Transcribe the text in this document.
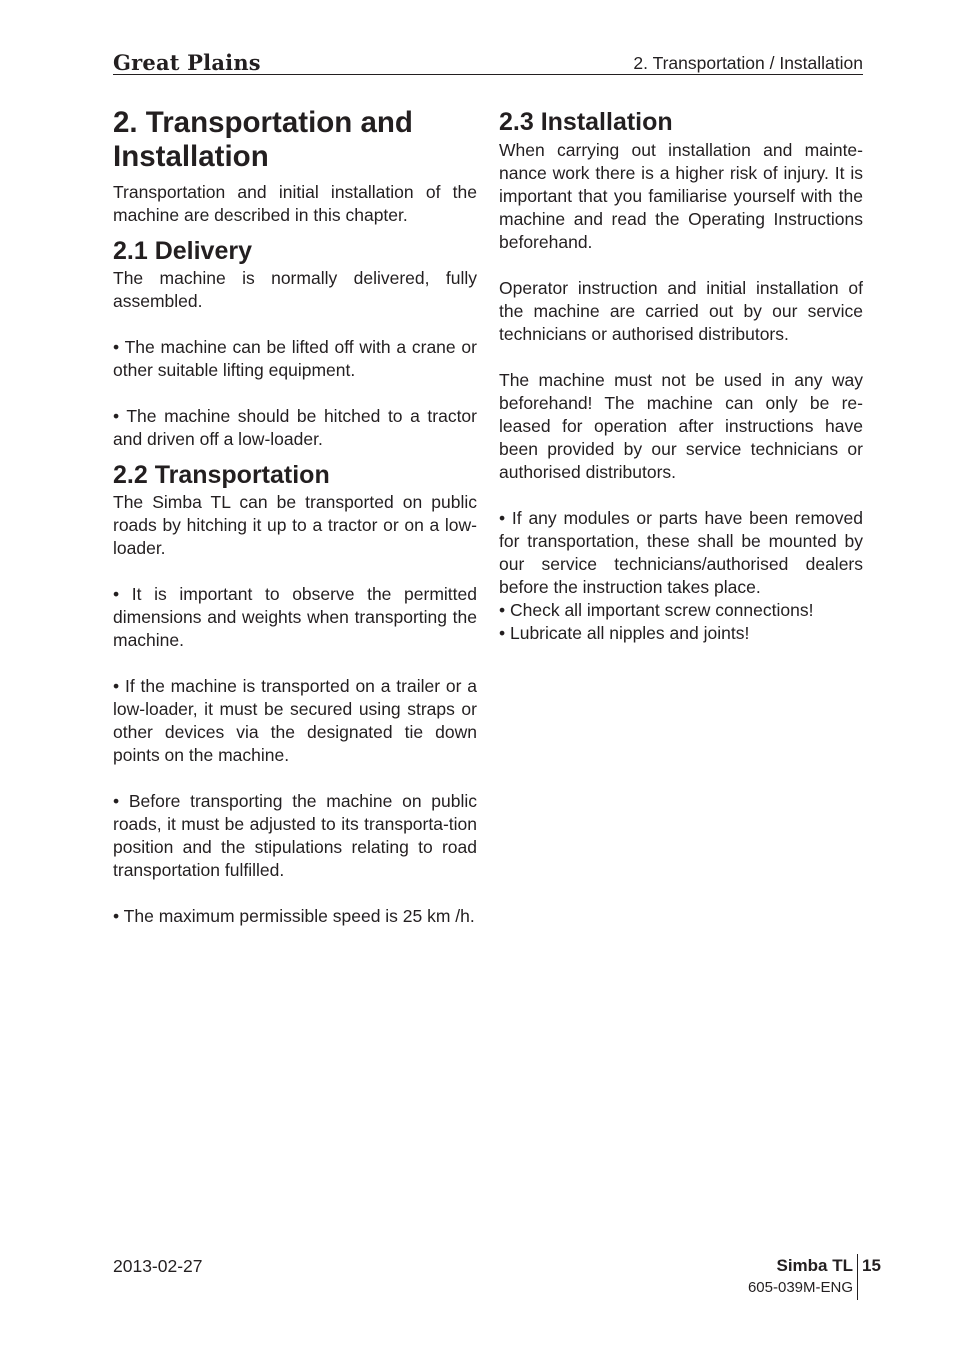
Great Plains	2. Transportation / Installation
2. Transportation and Installation

Transportation and initial installation of the machine are described in this chapter.

2.1 Delivery

The machine is normally delivered, fully assembled.

• The machine can be lifted off with a crane or other suitable lifting equipment.

• The machine should be hitched to a tractor and driven off a low-loader.

2.2 Transportation

The Simba TL can be transported on public roads by hitching it up to a tractor or on a low-loader.

• It is important to observe the permitted dimensions and weights when transporting the machine.

• If the machine is transported on a trailer or a low-loader, it must be secured using straps or other devices via the designated tie down points on the machine.

• Before transporting the machine on public roads, it must be adjusted to its transporta-tion position and the stipulations relating to road transportation fulfilled.

• The maximum permissible speed is 25 km /h.

2.3 Installation

When carrying out installation and mainte-nance work there is a higher risk of injury. It is important that you familiarise yourself with the machine and read the Operating Instructions beforehand.

Operator instruction and initial installation of the machine are carried out by our service technicians or authorised distributors.

The machine must not be used in any way beforehand! The machine can only be re-leased for operation after instructions have been provided by our service technicians or authorised distributors.

• If any modules or parts have been removed for transportation, these shall be mounted by our service technicians/authorised dealers before the instruction takes place.

• Check all important screw connections!

• Lubricate all nipples and joints!

2013-02-27	Simba TL
605-039M-ENG
15
